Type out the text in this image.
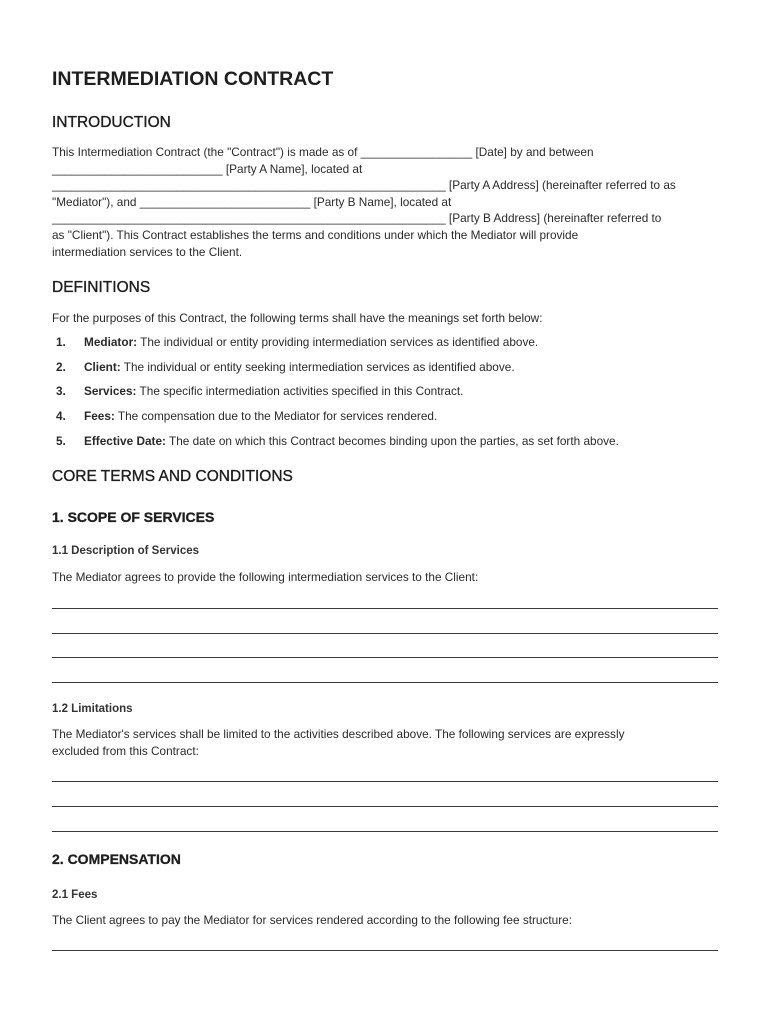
INTERMEDIATION CONTRACT
INTRODUCTION

This Intermediation Contract (the "Contract") is made as of _________________ [Date] by and between

__________________________ [Party A Name], located at

____________________________________________________________ [Party A Address] (hereinafter referred to as

"Mediator"), and __________________________ [Party B Name], located at

____________________________________________________________ [Party B Address] (hereinafter referred to

as "Client"). This Contract establishes the terms and conditions under which the Mediator will provide

intermediation services to the Client.

DEFINITIONS

For the purposes of this Contract, the following terms shall have the meanings set forth below:

1. Mediator: The individual or entity providing intermediation services as identified above.
2. Client: The individual or entity seeking intermediation services as identified above.
3. Services: The specific intermediation activities specified in this Contract.
4. Fees: The compensation due to the Mediator for services rendered.
5. Effective Date: The date on which this Contract becomes binding upon the parties, as set forth above.
CORE TERMS AND CONDITIONS
1. SCOPE OF SERVICES
1.1 Description of Services

The Mediator agrees to provide the following intermediation services to the Client:

1.2 Limitations

The Mediator's services shall be limited to the activities described above. The following services are expressly

excluded from this Contract:

2. COMPENSATION
2.1 Fees

The Client agrees to pay the Mediator for services rendered according to the following fee structure:
